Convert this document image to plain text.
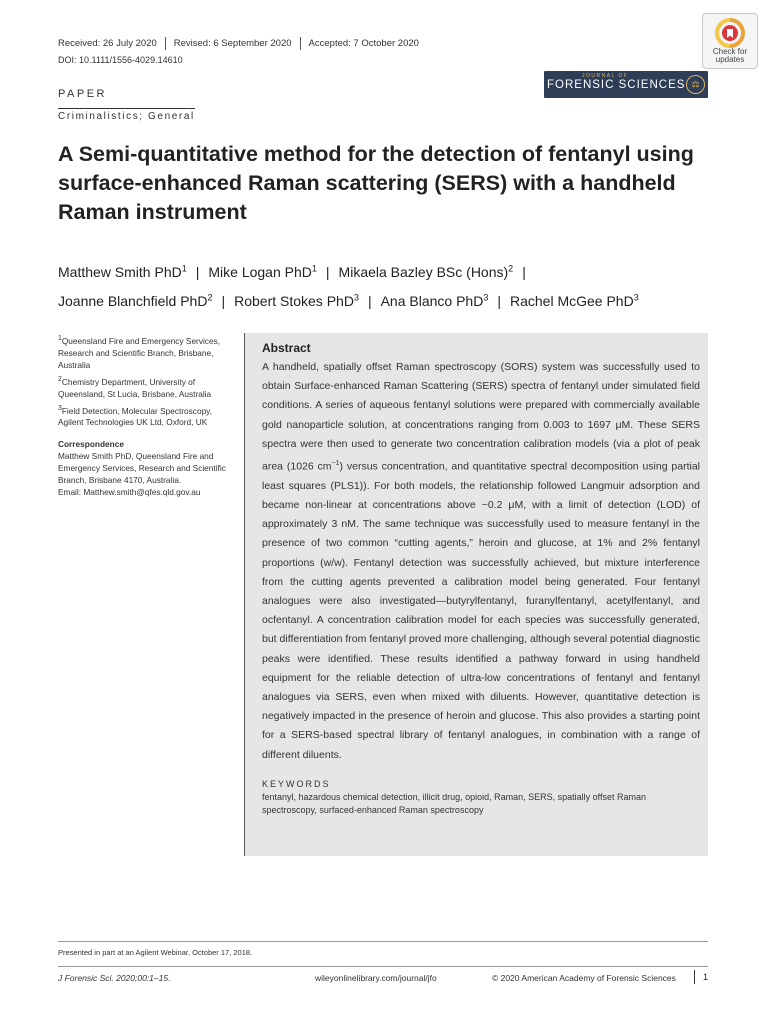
Received: 26 July 2020	Revised: 6 September 2020	Accepted: 7 October 2020
DOI: 10.1111/1556-4029.14610
Check for
updates
JOURNAL OF
FORENSIC SCIENCES ⚖
PAPER
Criminalistics; General
A Semi-quantitative method for the detection of fentanyl using surface-enhanced Raman scattering (SERS) with a handheld Raman instrument
Matthew Smith PhD$^1$ | Mike Logan PhD$^1$ | Mikaela Bazley BSc (Hons)$^2$ |
Joanne Blanchfield PhD$^2$ | Robert Stokes PhD$^3$ | Ana Blanco PhD$^3$ | Rachel McGee PhD$^3$
$^1$Queensland Fire and Emergency Services, Research and Scientific Branch, Brisbane, Australia
$^2$Chemistry Department, University of Queensland, St Lucia, Brisbane, Australia
$^3$Field Detection, Molecular Spectroscopy, Agilent Technologies UK Ltd, Oxford, UK
Correspondence
Matthew Smith PhD, Queensland Fire and Emergency Services, Research and Scientific Branch, Brisbane 4170, Australia.
Email: Matthew.smith@qfes.qld.gov.au
Abstract
A handheld, spatially offset Raman spectroscopy (SORS) system was successfully used to obtain Surface-enhanced Raman Scattering (SERS) spectra of fentanyl under simulated field conditions. A series of aqueous fentanyl solutions were prepared with commercially available gold nanoparticle solution, at concentrations ranging from 0.003 to 1697 μM. These SERS spectra were then used to generate two concentration calibration models (via a plot of peak area (1026 $cm^{-1}$) versus concentration, and quantitative spectral decomposition using partial least squares (PLS1)). For both models, the relationship followed Langmuir adsorption and became non-linear at concentrations above ~0.2 μM, with a limit of detection (LOD) of approximately 3 nM. The same technique was successfully used to measure fentanyl in the presence of two common “cutting agents,” heroin and glucose, at 1% and 2% fentanyl proportions (w/w). Fentanyl detection was successfully achieved, but mixture interference from the cutting agents prevented a calibration model being generated. Four fentanyl analogues were also investigated—butyrylfentanyl, furanylfentanyl, acetylfentanyl, and ocfentanyl. A concentration calibration model for each species was successfully generated, but differentiation from fentanyl proved more challenging, although several potential diagnostic peaks were identified. These results identified a pathway forward in using handheld equipment for the reliable detection of ultra-low concentrations of fentanyl and fentanyl analogues via SERS, even when mixed with diluents. However, quantitative detection is negatively impacted in the presence of heroin and glucose. This also provides a starting point for a SERS-based spectral library of fentanyl analogues, in combination with a range of different diluents.
KEYWORDS
fentanyl, hazardous chemical detection, illicit drug, opioid, Raman, SERS, spatially offset Raman spectroscopy, surfaced-enhanced Raman spectroscopy
Presented in part at an Agilent Webinar, October 17, 2018.
J Forensic Sci. 2020;00:1–15.	wileyonlinelibrary.com/journal/jfo	© 2020 American Academy of Forensic Sciences	1
